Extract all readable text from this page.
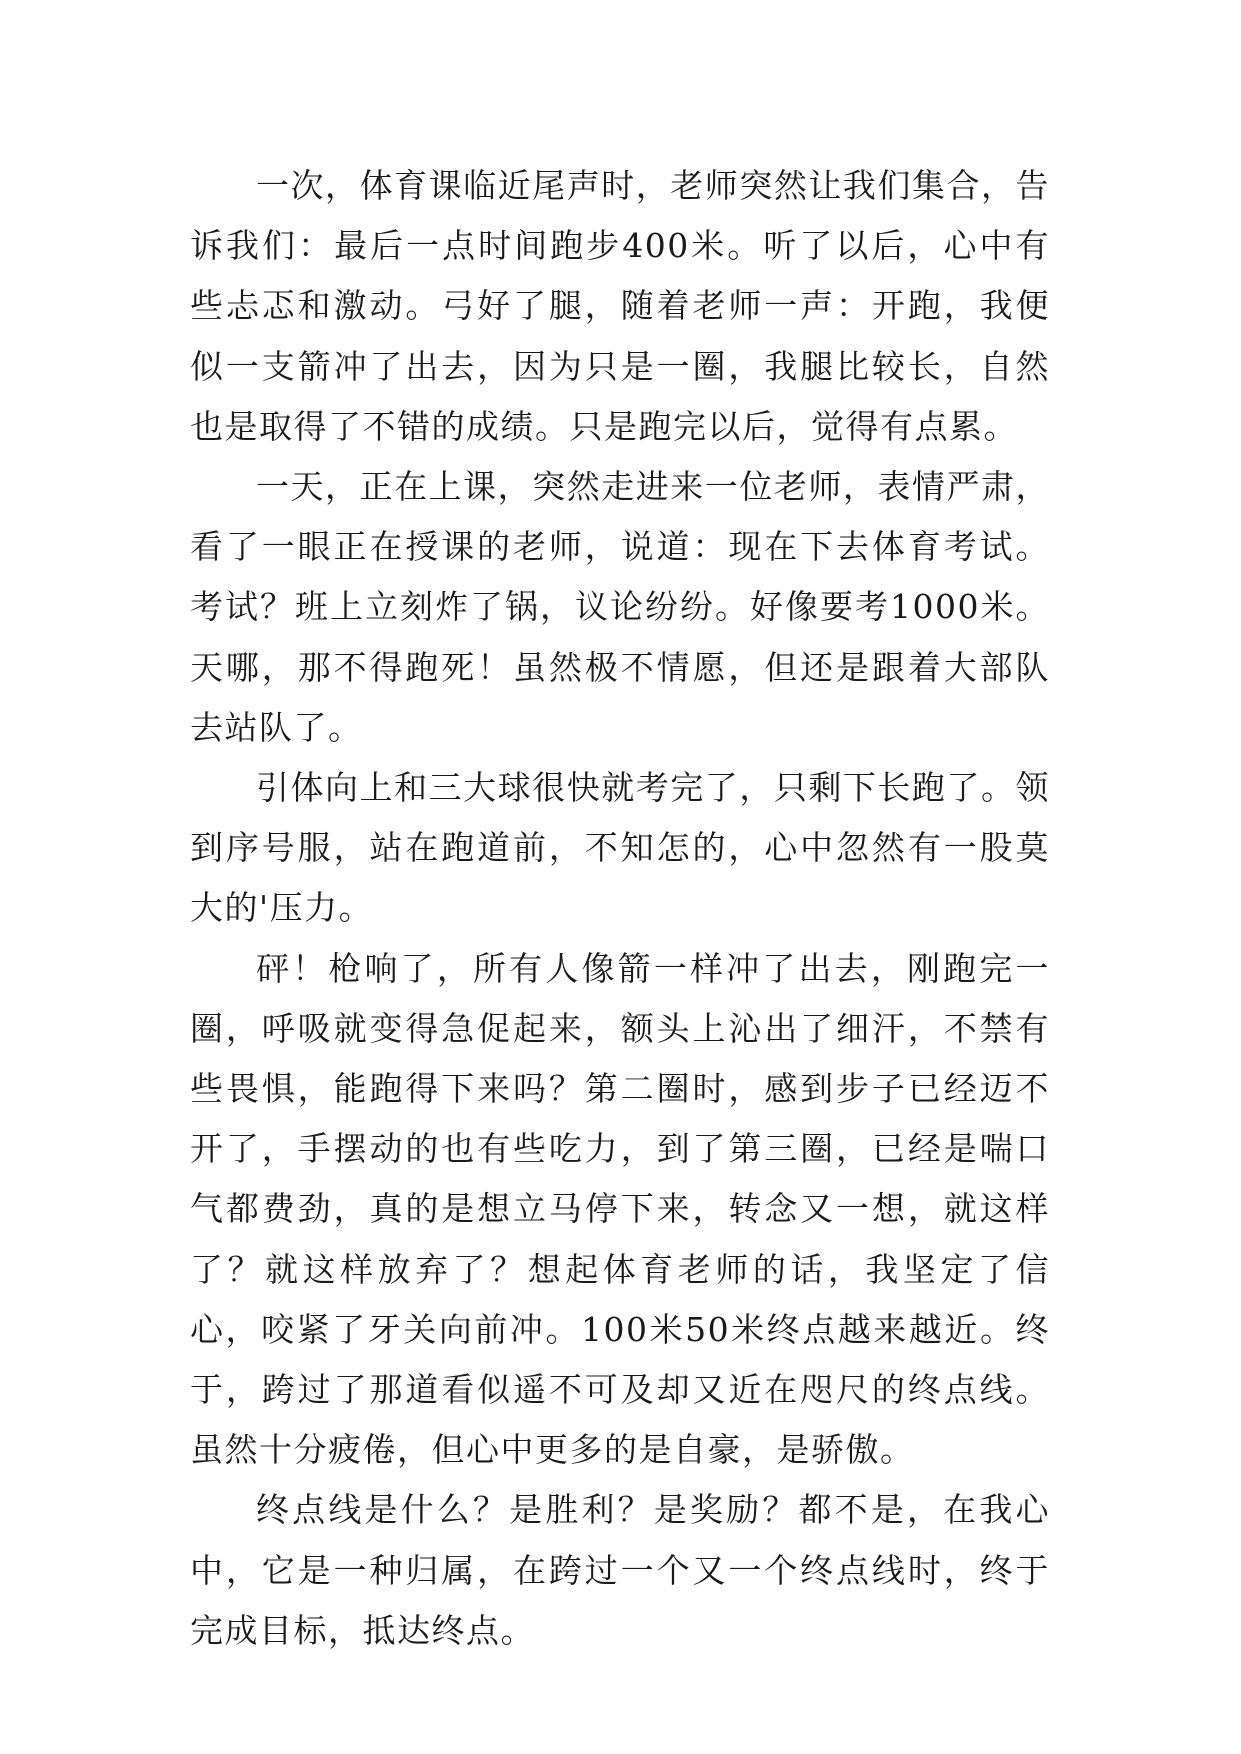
一次，体育课临近尾声时，老师突然让我们集合，告诉我们：最后一点时间跑步400米。听了以后，心中有些忐忑和激动。弓好了腿，随着老师一声：开跑，我便似一支箭冲了出去，因为只是一圈，我腿比较长，自然也是取得了不错的成绩。只是跑完以后，觉得有点累。

一天，正在上课，突然走进来一位老师，表情严肃，看了一眼正在授课的老师，说道：现在下去体育考试。考试？班上立刻炸了锅，议论纷纷。好像要考1000米。天哪，那不得跑死！虽然极不情愿，但还是跟着大部队去站队了。

引体向上和三大球很快就考完了，只剩下长跑了。领到序号服，站在跑道前，不知怎的，心中忽然有一股莫大的'压力。

砰！枪响了，所有人像箭一样冲了出去，刚跑完一圈，呼吸就变得急促起来，额头上沁出了细汗，不禁有些畏惧，能跑得下来吗？第二圈时，感到步子已经迈不开了，手摆动的也有些吃力，到了第三圈，已经是喘口气都费劲，真的是想立马停下来，转念又一想，就这样了？就这样放弃了？想起体育老师的话，我坚定了信心，咬紧了牙关向前冲。100米50米终点越来越近。终于，跨过了那道看似遥不可及却又近在咫尺的终点线。虽然十分疲倦，但心中更多的是自豪，是骄傲。

终点线是什么？是胜利？是奖励？都不是，在我心中，它是一种归属，在跨过一个又一个终点线时，终于完成目标，抵达终点。
